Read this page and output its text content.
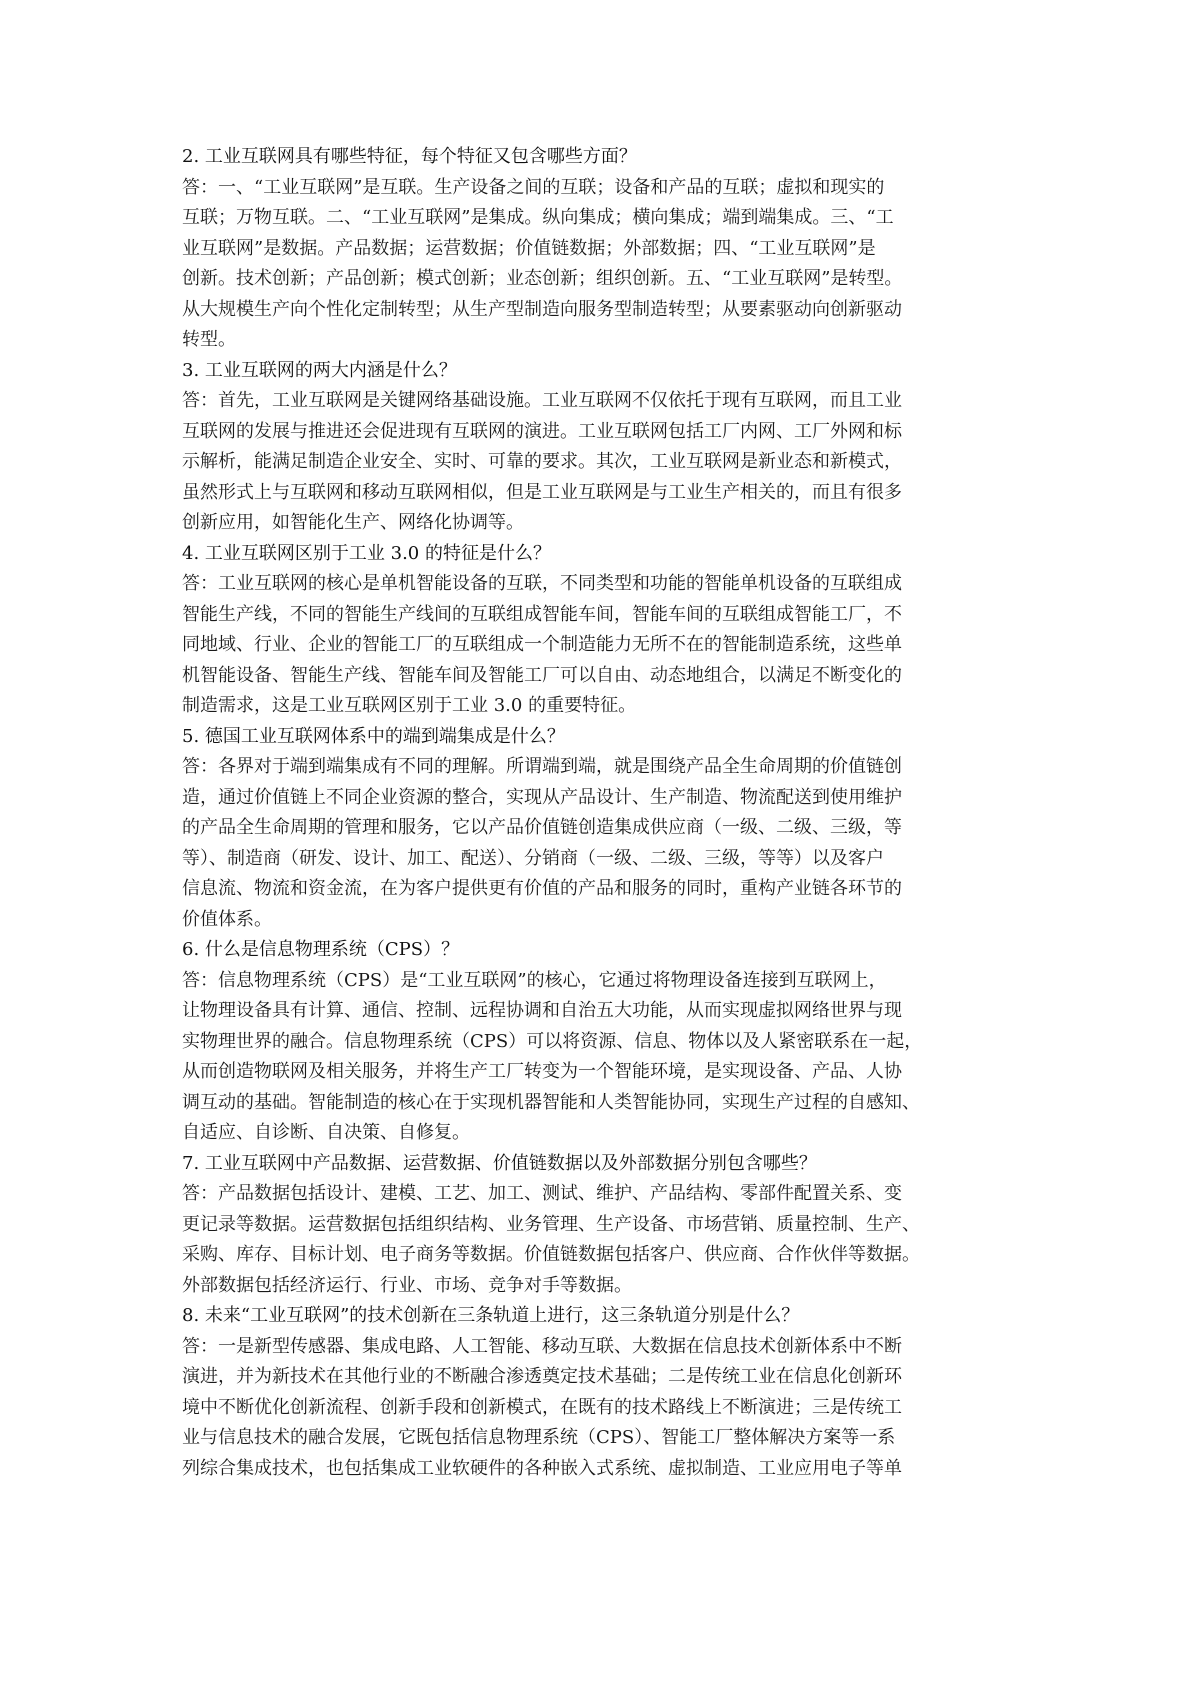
2. 工业互联网具有哪些特征，每个特征又包含哪些方面？
答：一、“工业互联网”是互联。生产设备之间的互联；设备和产品的互联；虚拟和现实的
互联；万物互联。二、“工业互联网”是集成。纵向集成；横向集成；端到端集成。三、“工
业互联网”是数据。产品数据；运营数据；价值链数据；外部数据；四、“工业互联网”是
创新。技术创新；产品创新；模式创新；业态创新；组织创新。五、“工业互联网”是转型。
从大规模生产向个性化定制转型；从生产型制造向服务型制造转型；从要素驱动向创新驱动
转型。
3. 工业互联网的两大内涵是什么？
答：首先，工业互联网是关键网络基础设施。工业互联网不仅依托于现有互联网，而且工业
互联网的发展与推进还会促进现有互联网的演进。工业互联网包括工厂内网、工厂外网和标
示解析，能满足制造企业安全、实时、可靠的要求。其次，工业互联网是新业态和新模式，
虽然形式上与互联网和移动互联网相似，但是工业互联网是与工业生产相关的，而且有很多
创新应用，如智能化生产、网络化协调等。
4. 工业互联网区别于工业 3.0 的特征是什么？
答：工业互联网的核心是单机智能设备的互联，不同类型和功能的智能单机设备的互联组成
智能生产线，不同的智能生产线间的互联组成智能车间，智能车间的互联组成智能工厂，不
同地域、行业、企业的智能工厂的互联组成一个制造能力无所不在的智能制造系统，这些单
机智能设备、智能生产线、智能车间及智能工厂可以自由、动态地组合，以满足不断变化的
制造需求，这是工业互联网区别于工业 3.0 的重要特征。
5. 德国工业互联网体系中的端到端集成是什么？
答：各界对于端到端集成有不同的理解。所谓端到端，就是围绕产品全生命周期的价值链创
造，通过价值链上不同企业资源的整合，实现从产品设计、生产制造、物流配送到使用维护
的产品全生命周期的管理和服务，它以产品价值链创造集成供应商（一级、二级、三级，等
等）、制造商（研发、设计、加工、配送）、分销商（一级、二级、三级，等等）以及客户
信息流、物流和资金流，在为客户提供更有价值的产品和服务的同时，重构产业链各环节的
价值体系。
6. 什么是信息物理系统（CPS）？
答：信息物理系统（CPS）是“工业互联网”的核心，它通过将物理设备连接到互联网上，
让物理设备具有计算、通信、控制、远程协调和自治五大功能，从而实现虚拟网络世界与现
实物理世界的融合。信息物理系统（CPS）可以将资源、信息、物体以及人紧密联系在一起，
从而创造物联网及相关服务，并将生产工厂转变为一个智能环境，是实现设备、产品、人协
调互动的基础。智能制造的核心在于实现机器智能和人类智能协同，实现生产过程的自感知、
自适应、自诊断、自决策、自修复。
7. 工业互联网中产品数据、运营数据、价值链数据以及外部数据分别包含哪些？
答：产品数据包括设计、建模、工艺、加工、测试、维护、产品结构、零部件配置关系、变
更记录等数据。运营数据包括组织结构、业务管理、生产设备、市场营销、质量控制、生产、
采购、库存、目标计划、电子商务等数据。价值链数据包括客户、供应商、合作伙伴等数据。
外部数据包括经济运行、行业、市场、竞争对手等数据。
8. 未来“工业互联网”的技术创新在三条轨道上进行，这三条轨道分别是什么？
答：一是新型传感器、集成电路、人工智能、移动互联、大数据在信息技术创新体系中不断
演进，并为新技术在其他行业的不断融合渗透奠定技术基础；二是传统工业在信息化创新环
境中不断优化创新流程、创新手段和创新模式，在既有的技术路线上不断演进；三是传统工
业与信息技术的融合发展，它既包括信息物理系统（CPS）、智能工厂整体解决方案等一系
列综合集成技术，也包括集成工业软硬件的各种嵌入式系统、虚拟制造、工业应用电子等单
